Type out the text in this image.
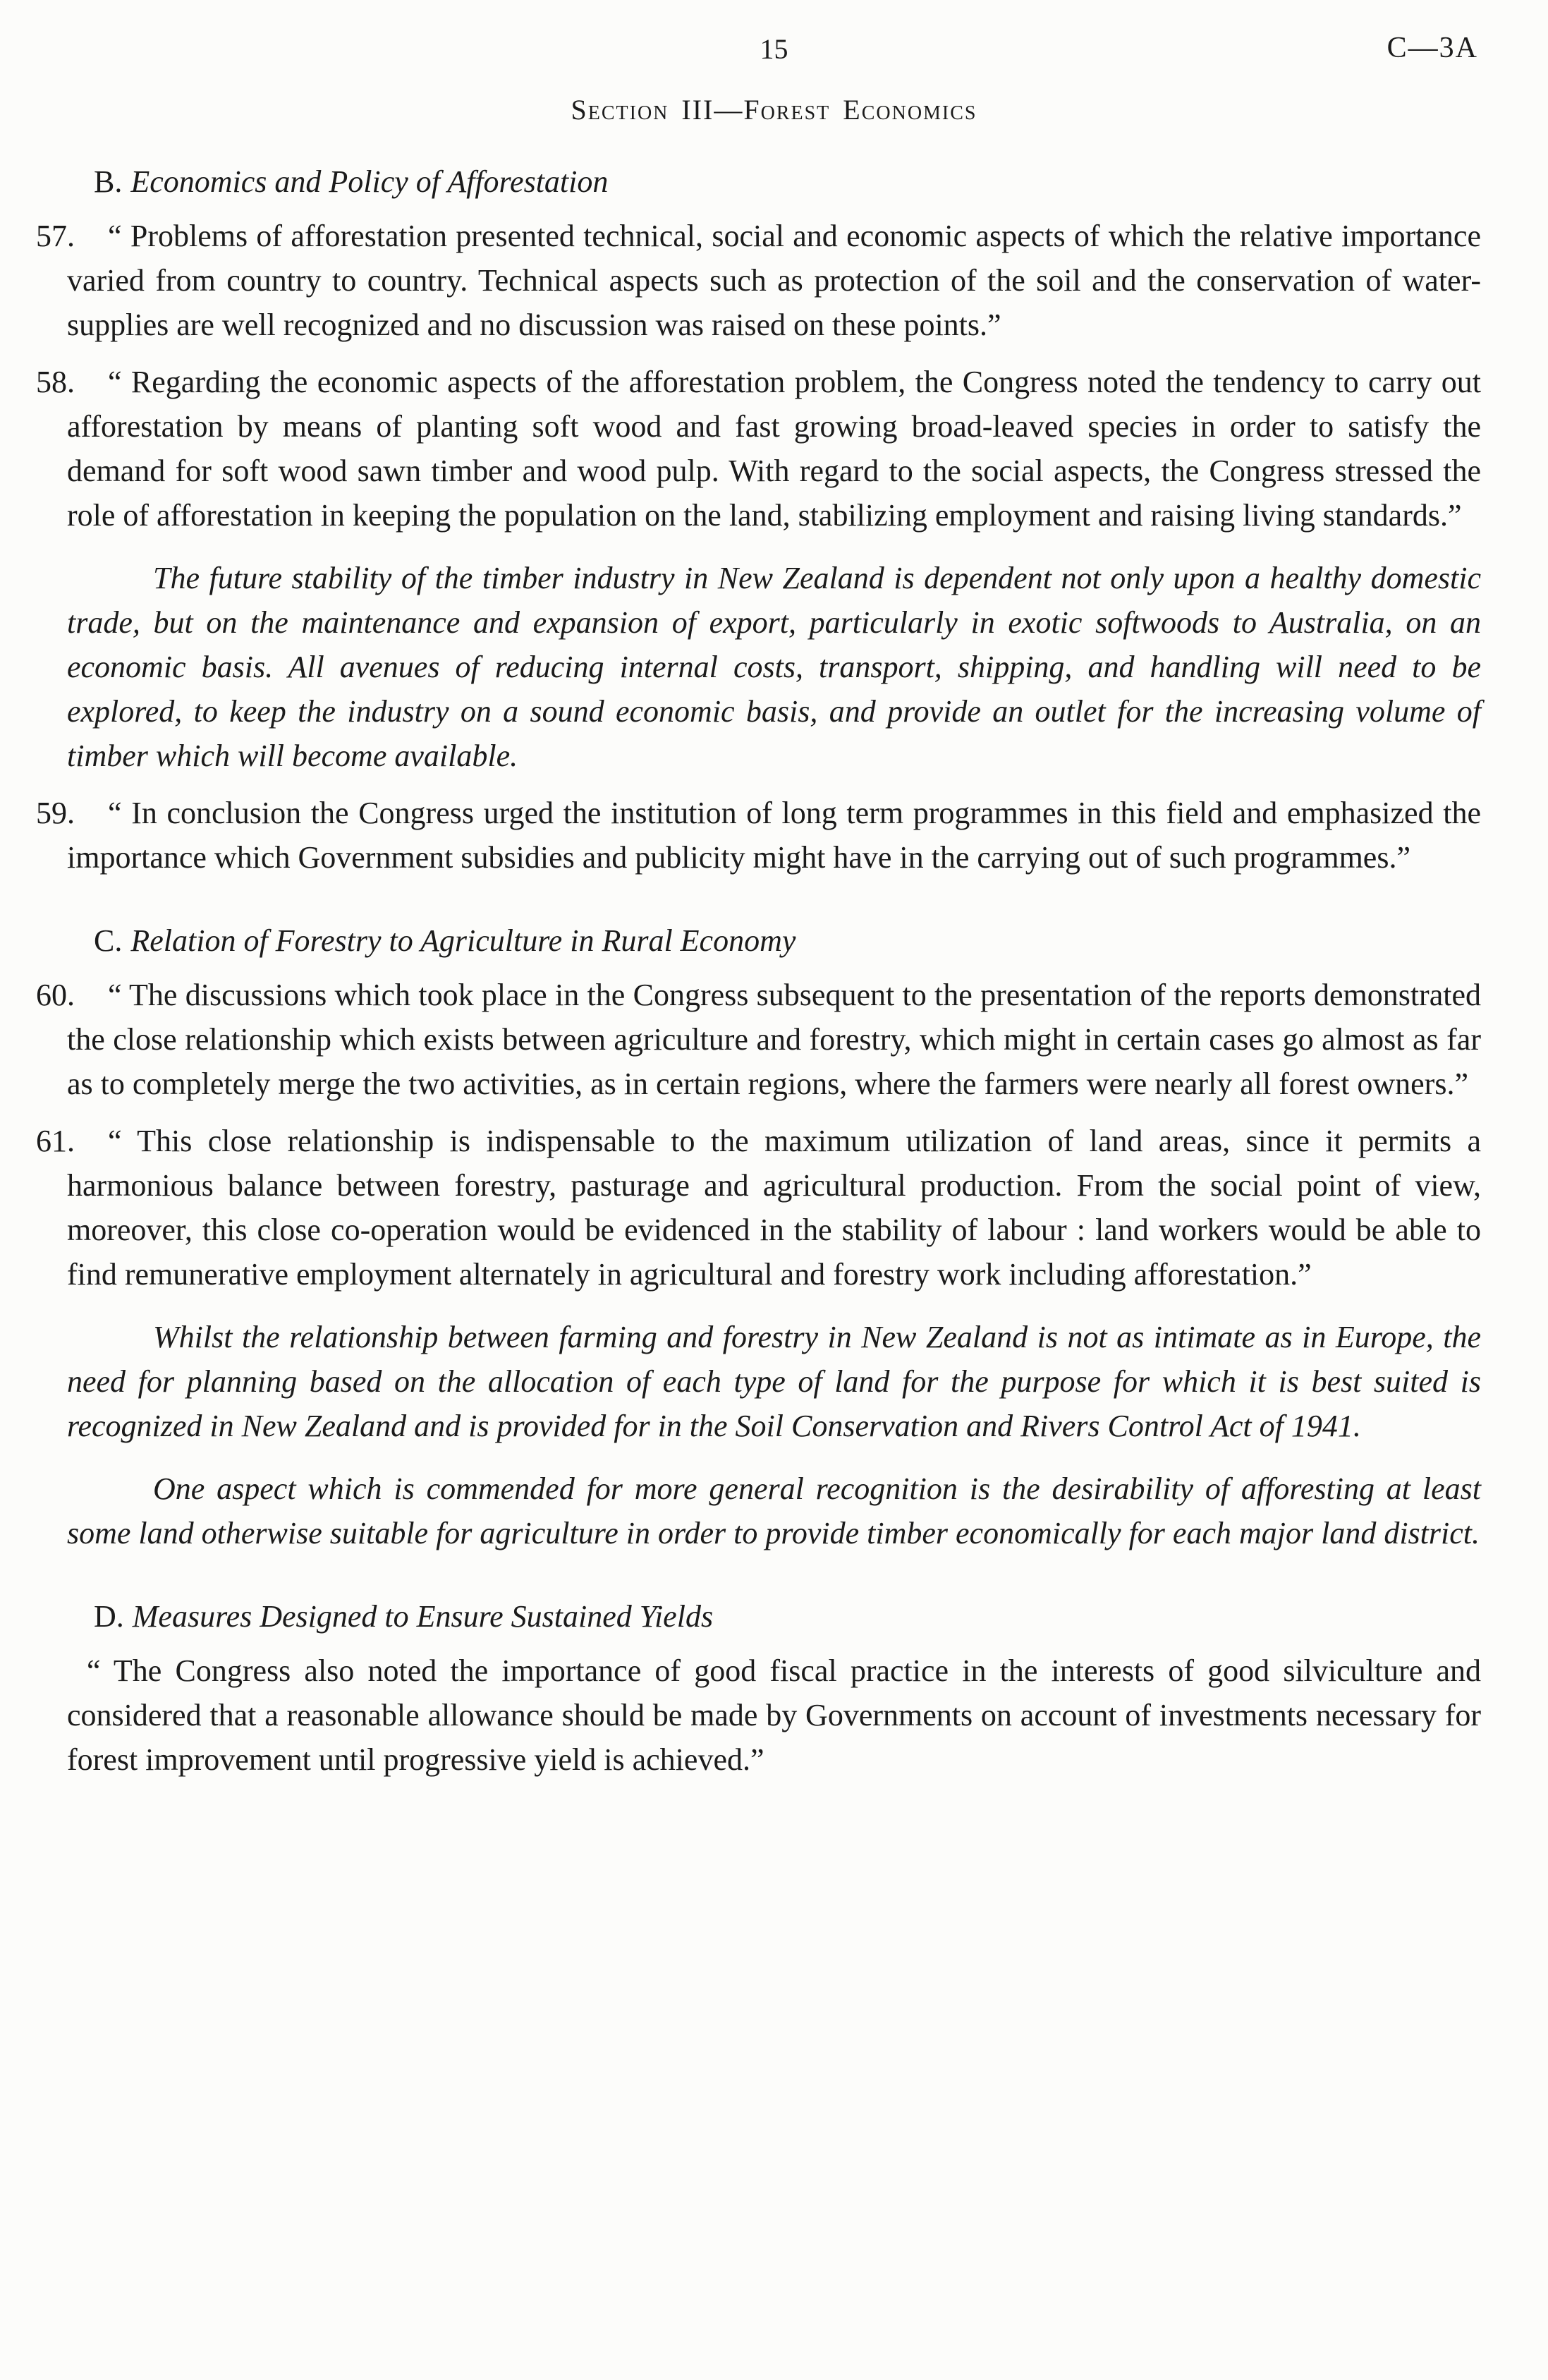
15	C—3A
Section III—Forest Economics
B. Economics and Policy of Afforestation

57. “ Problems of afforestation presented technical, social and economic aspects of which the relative importance varied from country to country. Technical aspects such as protection of the soil and the conservation of water-supplies are well recognized and no discussion was raised on these points.”

58. “ Regarding the economic aspects of the afforestation problem, the Congress noted the tendency to carry out afforestation by means of planting soft wood and fast growing broad-leaved species in order to satisfy the demand for soft wood sawn timber and wood pulp. With regard to the social aspects, the Congress stressed the role of afforestation in keeping the population on the land, stabilizing employment and raising living standards.”

The future stability of the timber industry in New Zealand is dependent not only upon a healthy domestic trade, but on the maintenance and expansion of export, particularly in exotic softwoods to Australia, on an economic basis. All avenues of reducing internal costs, transport, shipping, and handling will need to be explored, to keep the industry on a sound economic basis, and provide an outlet for the increasing volume of timber which will become available.

59. “ In conclusion the Congress urged the institution of long term programmes in this field and emphasized the importance which Government subsidies and publicity might have in the carrying out of such programmes.”

C. Relation of Forestry to Agriculture in Rural Economy

60. “ The discussions which took place in the Congress subsequent to the presentation of the reports demonstrated the close relationship which exists between agriculture and forestry, which might in certain cases go almost as far as to completely merge the two activities, as in certain regions, where the farmers were nearly all forest owners.”

61. “ This close relationship is indispensable to the maximum utilization of land areas, since it permits a harmonious balance between forestry, pasturage and agricultural production. From the social point of view, moreover, this close co-operation would be evidenced in the stability of labour : land workers would be able to find remunerative employment alternately in agricultural and forestry work including afforestation.”

Whilst the relationship between farming and forestry in New Zealand is not as intimate as in Europe, the need for planning based on the allocation of each type of land for the purpose for which it is best suited is recognized in New Zealand and is provided for in the Soil Conservation and Rivers Control Act of 1941.

One aspect which is commended for more general recognition is the desirability of afforesting at least some land otherwise suitable for agriculture in order to provide timber economically for each major land district.

D. Measures Designed to Ensure Sustained Yields

“ The Congress also noted the importance of good fiscal practice in the interests of good silviculture and considered that a reasonable allowance should be made by Governments on account of investments necessary for forest improvement until progressive yield is achieved.”
